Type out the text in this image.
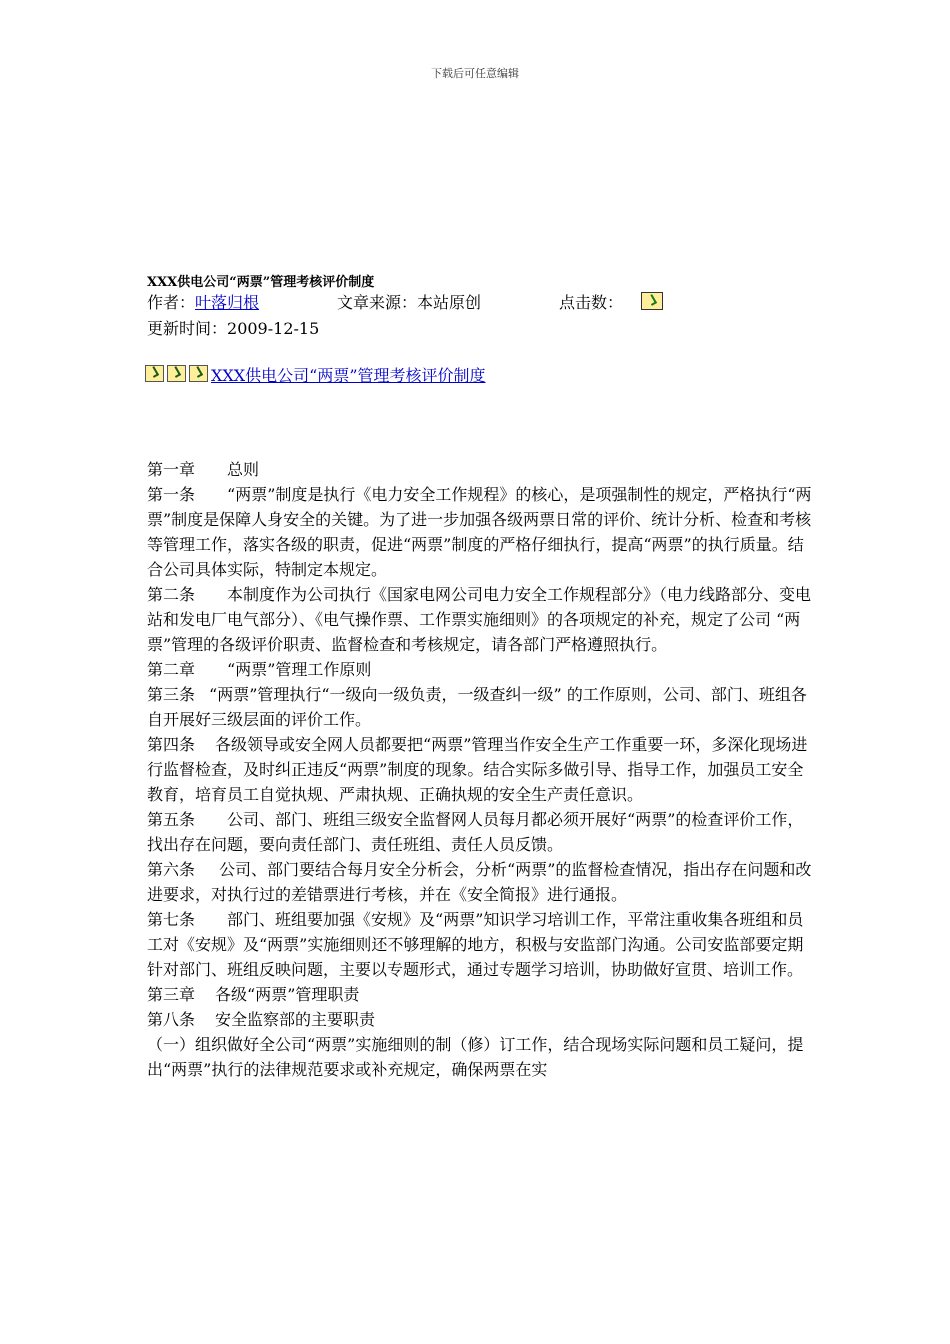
下载后可任意编辑
XXX供电公司“两票”管理考核评价制度
作者：叶落归根	文章来源：本站原创	点击数：
更新时间：2009-12-15
XXX供电公司“两票”管理考核评价制度

第一章 总则

第一条 “两票”制度是执行《电力安全工作规程》的核心，是项强制性的规定，严格执行“两票”制度是保障人身安全的关键。为了进一步加强各级两票日常的评价、统计分析、检查和考核等管理工作，落实各级的职责，促进“两票”制度的严格仔细执行，提高“两票”的执行质量。结合公司具体实际，特制定本规定。

第二条 本制度作为公司执行《国家电网公司电力安全工作规程部分》（电力线路部分、变电站和发电厂电气部分）、《电气操作票、工作票实施细则》的各项规定的补充，规定了公司 “两票”管理的各级评价职责、监督检查和考核规定，请各部门严格遵照执行。

第二章 “两票”管理工作原则

第三条 “两票”管理执行“一级向一级负责，一级查纠一级” 的工作原则，公司、部门、班组各自开展好三级层面的评价工作。

第四条 各级领导或安全网人员都要把“两票”管理当作安全生产工作重要一环，多深化现场进行监督检查，及时纠正违反“两票”制度的现象。结合实际多做引导、指导工作，加强员工安全教育，培育员工自觉执规、严肃执规、正确执规的安全生产责任意识。

第五条 公司、部门、班组三级安全监督网人员每月都必须开展好“两票”的检查评价工作，找出存在问题，要向责任部门、责任班组、责任人员反馈。

第六条 公司、部门要结合每月安全分析会，分析“两票”的监督检查情况，指出存在问题和改进要求，对执行过的差错票进行考核，并在《安全简报》进行通报。

第七条 部门、班组要加强《安规》及“两票”知识学习培训工作，平常注重收集各班组和员工对《安规》及“两票”实施细则还不够理解的地方，积极与安监部门沟通。公司安监部要定期针对部门、班组反映问题，主要以专题形式，通过专题学习培训，协助做好宣贯、培训工作。

第三章 各级“两票”管理职责

第八条 安全监察部的主要职责

（一）组织做好全公司“两票”实施细则的制（修）订工作，结合现场实际问题和员工疑问，提出“两票”执行的法律规范要求或补充规定，确保两票在实
